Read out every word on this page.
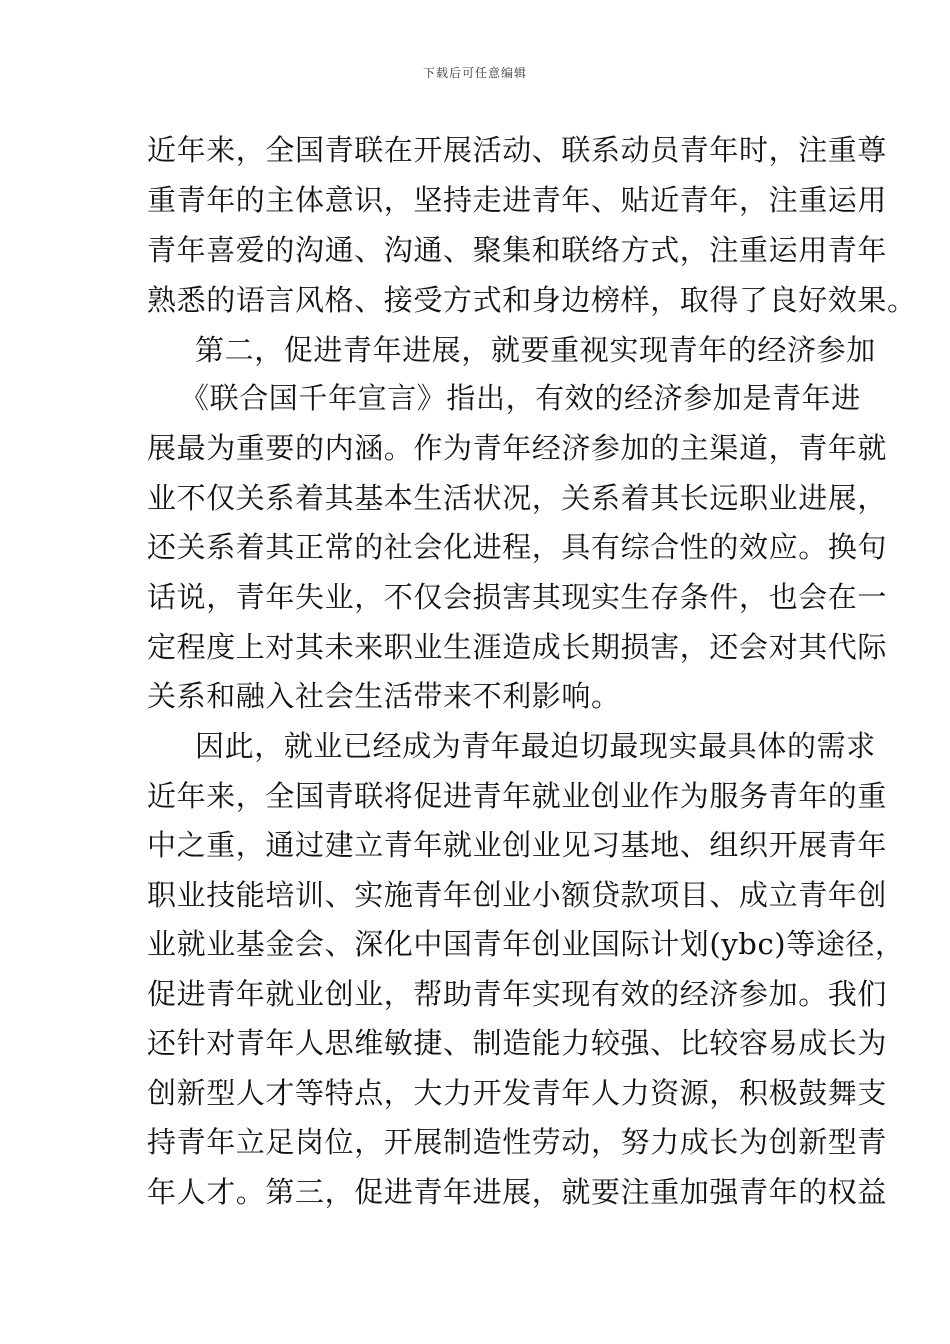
下载后可任意编辑
近年来，全国青联在开展活动、联系动员青年时，注重尊
重青年的主体意识，坚持走进青年、贴近青年，注重运用
青年喜爱的沟通、沟通、聚集和联络方式，注重运用青年
熟悉的语言风格、接受方式和身边榜样，取得了良好效果。
第二，促进青年进展，就要重视实现青年的经济参加
《联合国千年宣言》指出，有效的经济参加是青年进
展最为重要的内涵。作为青年经济参加的主渠道，青年就
业不仅关系着其基本生活状况，关系着其长远职业进展，
还关系着其正常的社会化进程，具有综合性的效应。换句
话说，青年失业，不仅会损害其现实生存条件，也会在一
定程度上对其未来职业生涯造成长期损害，还会对其代际
关系和融入社会生活带来不利影响。
因此，就业已经成为青年最迫切最现实最具体的需求
近年来，全国青联将促进青年就业创业作为服务青年的重
中之重，通过建立青年就业创业见习基地、组织开展青年
职业技能培训、实施青年创业小额贷款项目、成立青年创
业就业基金会、深化中国青年创业国际计划(ybc)等途径，
促进青年就业创业，帮助青年实现有效的经济参加。我们
还针对青年人思维敏捷、制造能力较强、比较容易成长为
创新型人才等特点，大力开发青年人力资源，积极鼓舞支
持青年立足岗位，开展制造性劳动，努力成长为创新型青
年人才。第三，促进青年进展，就要注重加强青年的权益
